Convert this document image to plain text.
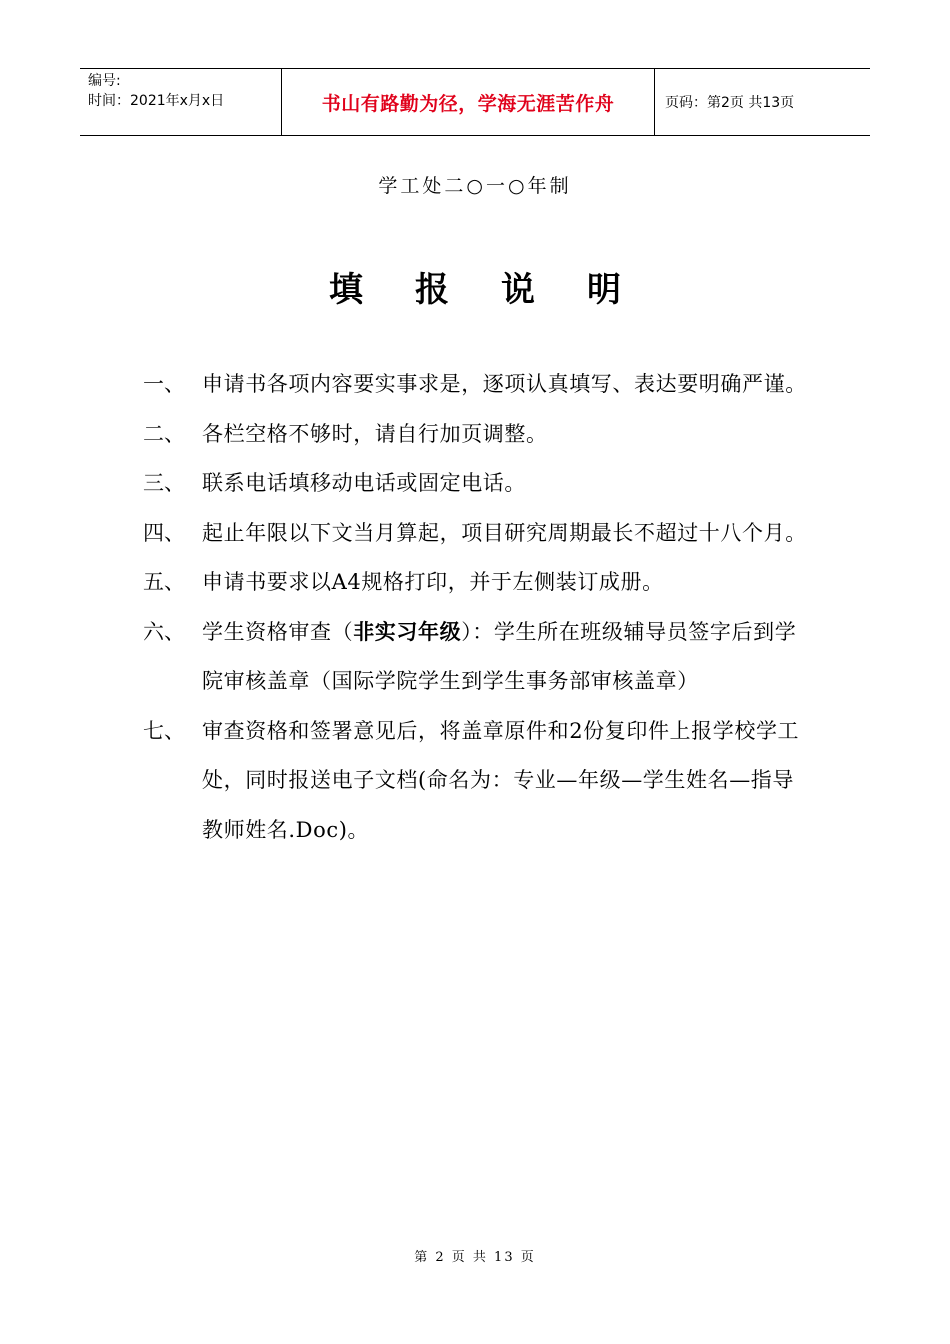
编号:
时间：2021年x月x日	书山有路勤为径，学海无涯苦作舟	页码：第2页 共13页
学工处二○一○年制
填报说明
一、 申请书各项内容要实事求是，逐项认真填写、表达要明确严谨。
二、 各栏空格不够时，请自行加页调整。
三、 联系电话填移动电话或固定电话。
四、 起止年限以下文当月算起，项目研究周期最长不超过十八个月。
五、 申请书要求以A4规格打印，并于左侧装订成册。
六、 学生资格审查（非实习年级）：学生所在班级辅导员签字后到学院审核盖章（国际学院学生到学生事务部审核盖章）
七、 审查资格和签署意见后，将盖章原件和2份复印件上报学校学工处，同时报送电子文档(命名为：专业—年级—学生姓名—指导教师姓名.Doc)。
第 2 页 共 13 页
